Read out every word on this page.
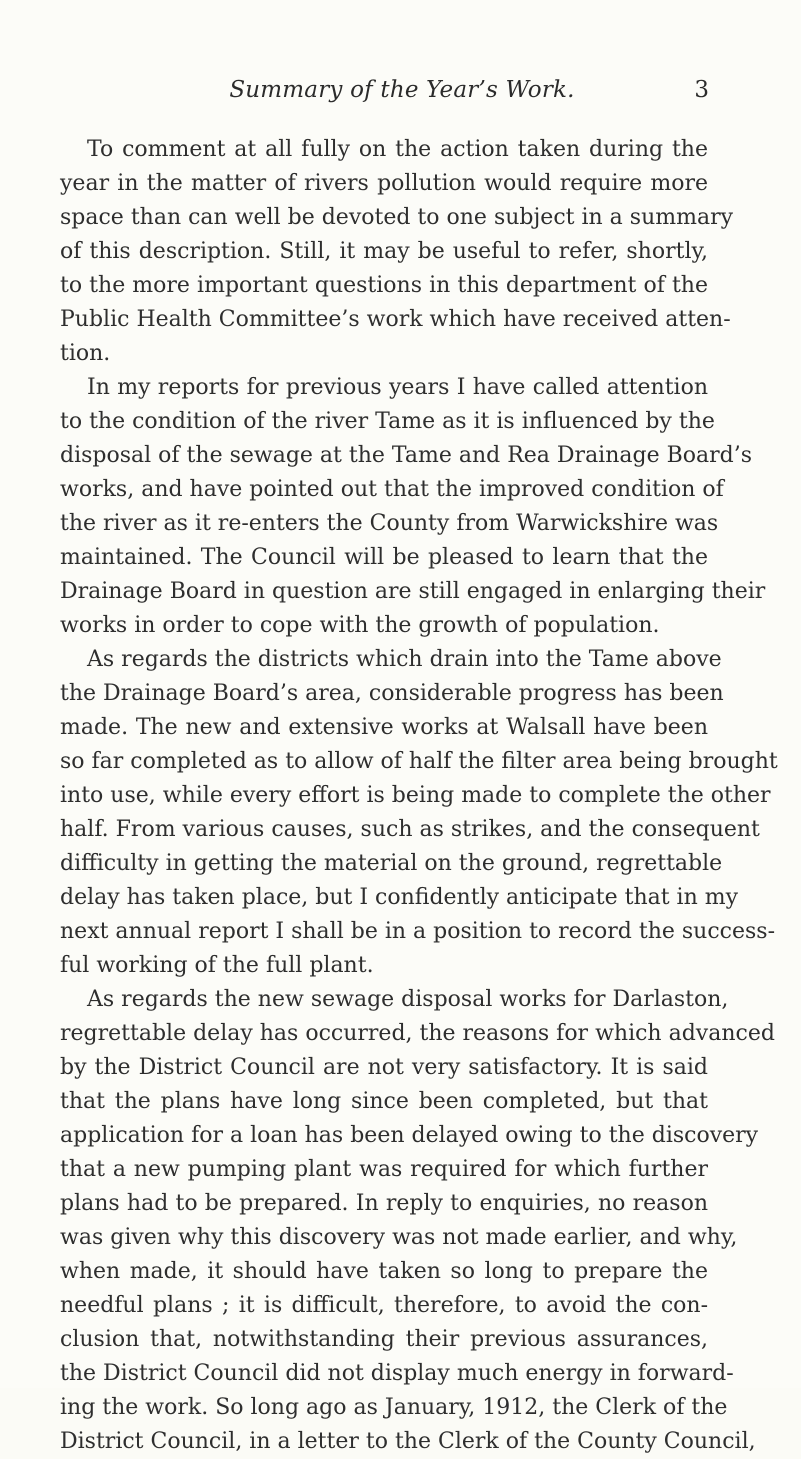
Summary of the Year’s Work.	3
To comment at all fully on the action taken during the
year in the matter of rivers pollution would require more
space than can well be devoted to one subject in a summary
of this description. Still, it may be useful to refer, shortly,
to the more important questions in this department of the
Public Health Committee’s work which have received atten-
tion.
In my reports for previous years I have called attention
to the condition of the river Tame as it is influenced by the
disposal of the sewage at the Tame and Rea Drainage Board’s
works, and have pointed out that the improved condition of
the river as it re-enters the County from Warwickshire was
maintained. The Council will be pleased to learn that the
Drainage Board in question are still engaged in enlarging their
works in order to cope with the growth of population.
As regards the districts which drain into the Tame above
the Drainage Board’s area, considerable progress has been
made. The new and extensive works at Walsall have been
so far completed as to allow of half the filter area being brought
into use, while every effort is being made to complete the other
half. From various causes, such as strikes, and the consequent
difficulty in getting the material on the ground, regrettable
delay has taken place, but I confidently anticipate that in my
next annual report I shall be in a position to record the success-
ful working of the full plant.
As regards the new sewage disposal works for Darlaston,
regrettable delay has occurred, the reasons for which advanced
by the District Council are not very satisfactory. It is said
that the plans have long since been completed, but that
application for a loan has been delayed owing to the discovery
that a new pumping plant was required for which further
plans had to be prepared. In reply to enquiries, no reason
was given why this discovery was not made earlier, and why,
when made, it should have taken so long to prepare the
needful plans ; it is difficult, therefore, to avoid the con-
clusion that, notwithstanding their previous assurances,
the District Council did not display much energy in forward-
ing the work. So long ago as January, 1912, the Clerk of the
District Council, in a letter to the Clerk of the County Council,
